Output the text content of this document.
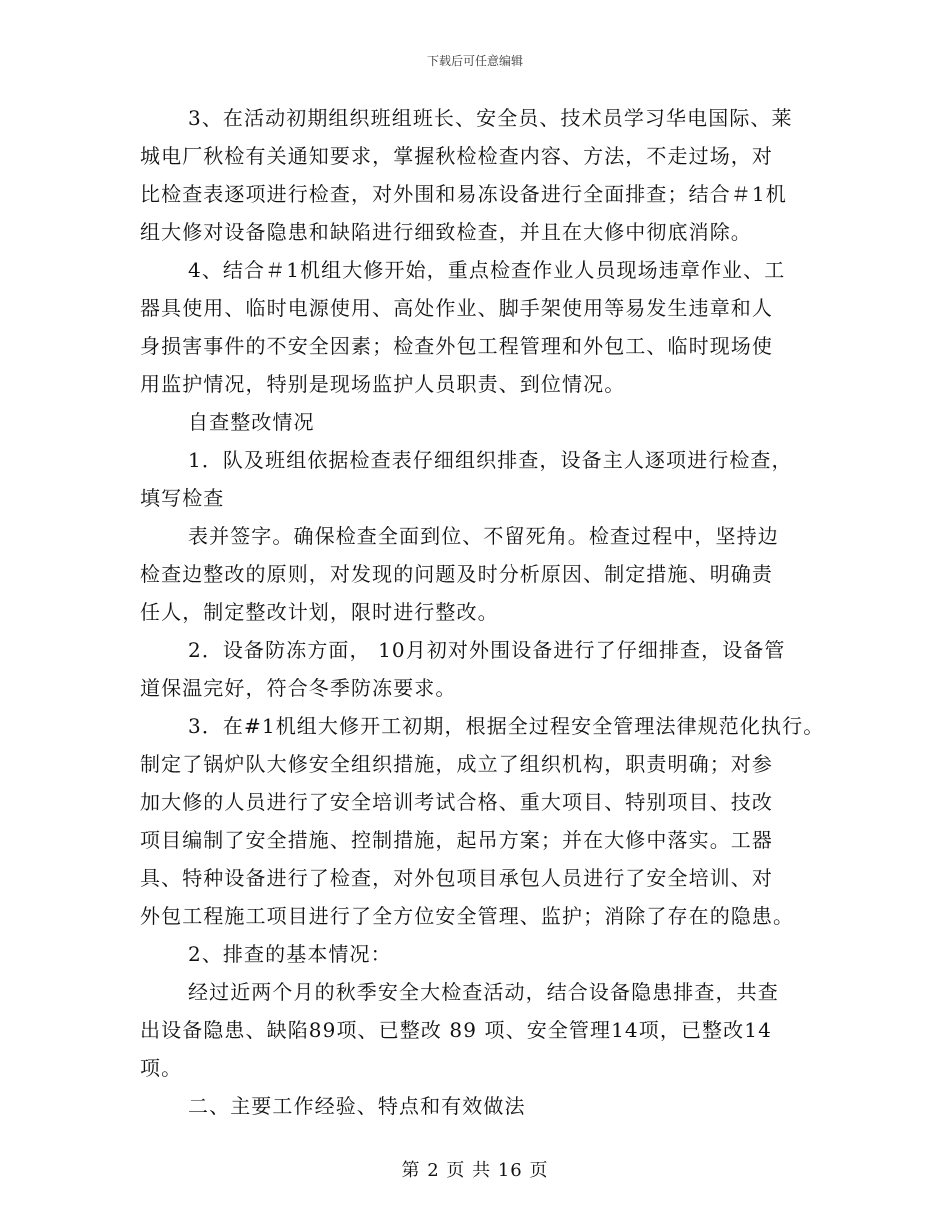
下载后可任意编辑
3、在活动初期组织班组班长、安全员、技术员学习华电国际、莱
城电厂秋检有关通知要求，掌握秋检检查内容、方法，不走过场，对
比检查表逐项进行检查，对外围和易冻设备进行全面排查；结合＃1机
组大修对设备隐患和缺陷进行细致检查，并且在大修中彻底消除。
4、结合＃1机组大修开始，重点检查作业人员现场违章作业、工
器具使用、临时电源使用、高处作业、脚手架使用等易发生违章和人
身损害事件的不安全因素；检查外包工程管理和外包工、临时现场使
用监护情况，特别是现场监护人员职责、到位情况。
自查整改情况
1．队及班组依据检查表仔细组织排查，设备主人逐项进行检查，
填写检查
表并签字。确保检查全面到位、不留死角。检查过程中，坚持边
检查边整改的原则，对发现的问题及时分析原因、制定措施、明确责
任人，制定整改计划，限时进行整改。
2．设备防冻方面， 10月初对外围设备进行了仔细排查，设备管
道保温完好，符合冬季防冻要求。
3．在#1机组大修开工初期，根据全过程安全管理法律规范化执行。
制定了锅炉队大修安全组织措施，成立了组织机构，职责明确；对参
加大修的人员进行了安全培训考试合格、重大项目、特别项目、技改
项目编制了安全措施、控制措施，起吊方案；并在大修中落实。工器
具、特种设备进行了检查，对外包项目承包人员进行了安全培训、对
外包工程施工项目进行了全方位安全管理、监护；消除了存在的隐患。
2、排查的基本情况：
经过近两个月的秋季安全大检查活动，结合设备隐患排查，共查
出设备隐患、缺陷89项、已整改 89 项、安全管理14项，已整改14
项。
二、主要工作经验、特点和有效做法
第 2 页 共 16 页
